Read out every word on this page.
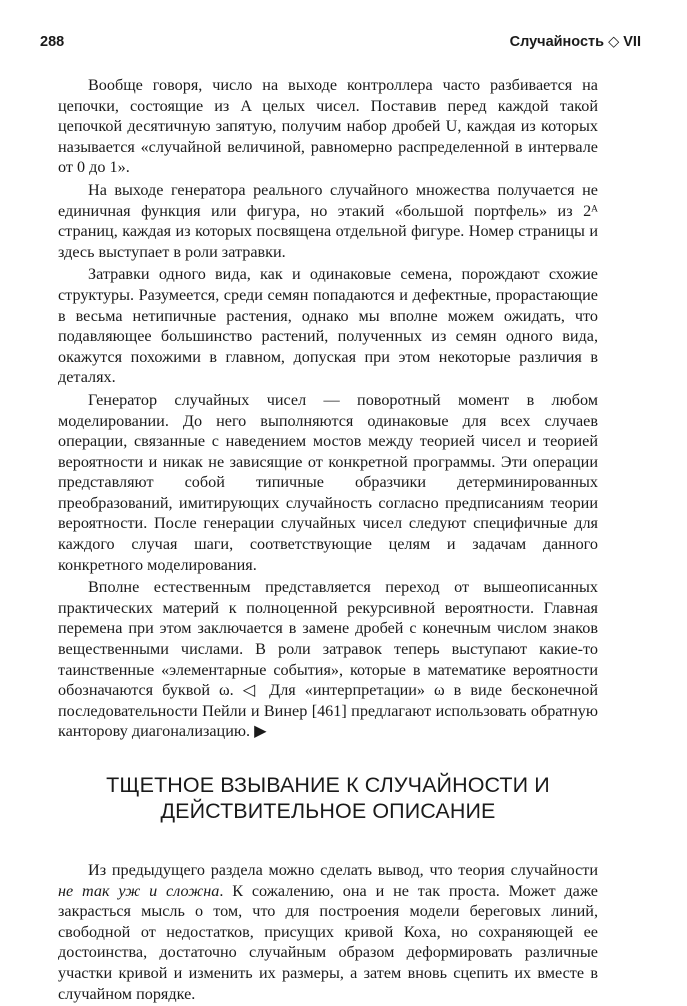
288	Случайность ◇ VII

Вообще говоря, число на выходе контроллера часто разбивается на цепочки, состоящие из A целых чисел. Поставив перед каждой такой цепочкой десятичную запятую, получим набор дробей U, каждая из которых называется «случайной величиной, равномерно распределенной в интервале от 0 до 1».

На выходе генератора реального случайного множества получается не единичная функция или фигура, но этакий «большой портфель» из 2ᴬ страниц, каждая из которых посвящена отдельной фигуре. Номер страницы и здесь выступает в роли затравки.

Затравки одного вида, как и одинаковые семена, порождают схожие структуры. Разумеется, среди семян попадаются и дефектные, прорастающие в весьма нетипичные растения, однако мы вполне можем ожидать, что подавляющее большинство растений, полученных из семян одного вида, окажутся похожими в главном, допуская при этом некоторые различия в деталях.

Генератор случайных чисел — поворотный момент в любом моделировании. До него выполняются одинаковые для всех случаев операции, связанные с наведением мостов между теорией чисел и теорией вероятности и никак не зависящие от конкретной программы. Эти операции представляют собой типичные образчики детерминированных преобразований, имитирующих случайность согласно предписаниям теории вероятности. После генерации случайных чисел следуют специфичные для каждого случая шаги, соответствующие целям и задачам данного конкретного моделирования.

Вполне естественным представляется переход от вышеописанных практических материй к полноценной рекурсивной вероятности. Главная перемена при этом заключается в замене дробей с конечным числом знаков вещественными числами. В роли затравок теперь выступают какие-то таинственные «элементарные события», которые в математике вероятности обозначаются буквой ω. ◁ Для «интерпретации» ω в виде бесконечной последовательности Пейли и Винер [461] предлагают использовать обратную канторову диагонализацию. ▶

ТЩЕТНОЕ ВЗЫВАНИЕ К СЛУЧАЙНОСТИ И
ДЕЙСТВИТЕЛЬНОЕ ОПИСАНИЕ

Из предыдущего раздела можно сделать вывод, что теория случайности не так уж и сложна. К сожалению, она и не так проста. Может даже закрасться мысль о том, что для построения модели береговых линий, свободной от недостатков, присущих кривой Коха, но сохраняющей ее достоинства, достаточно случайным образом деформировать различные участки кривой и изменить их размеры, а затем вновь сцепить их вместе в случайном порядке.
